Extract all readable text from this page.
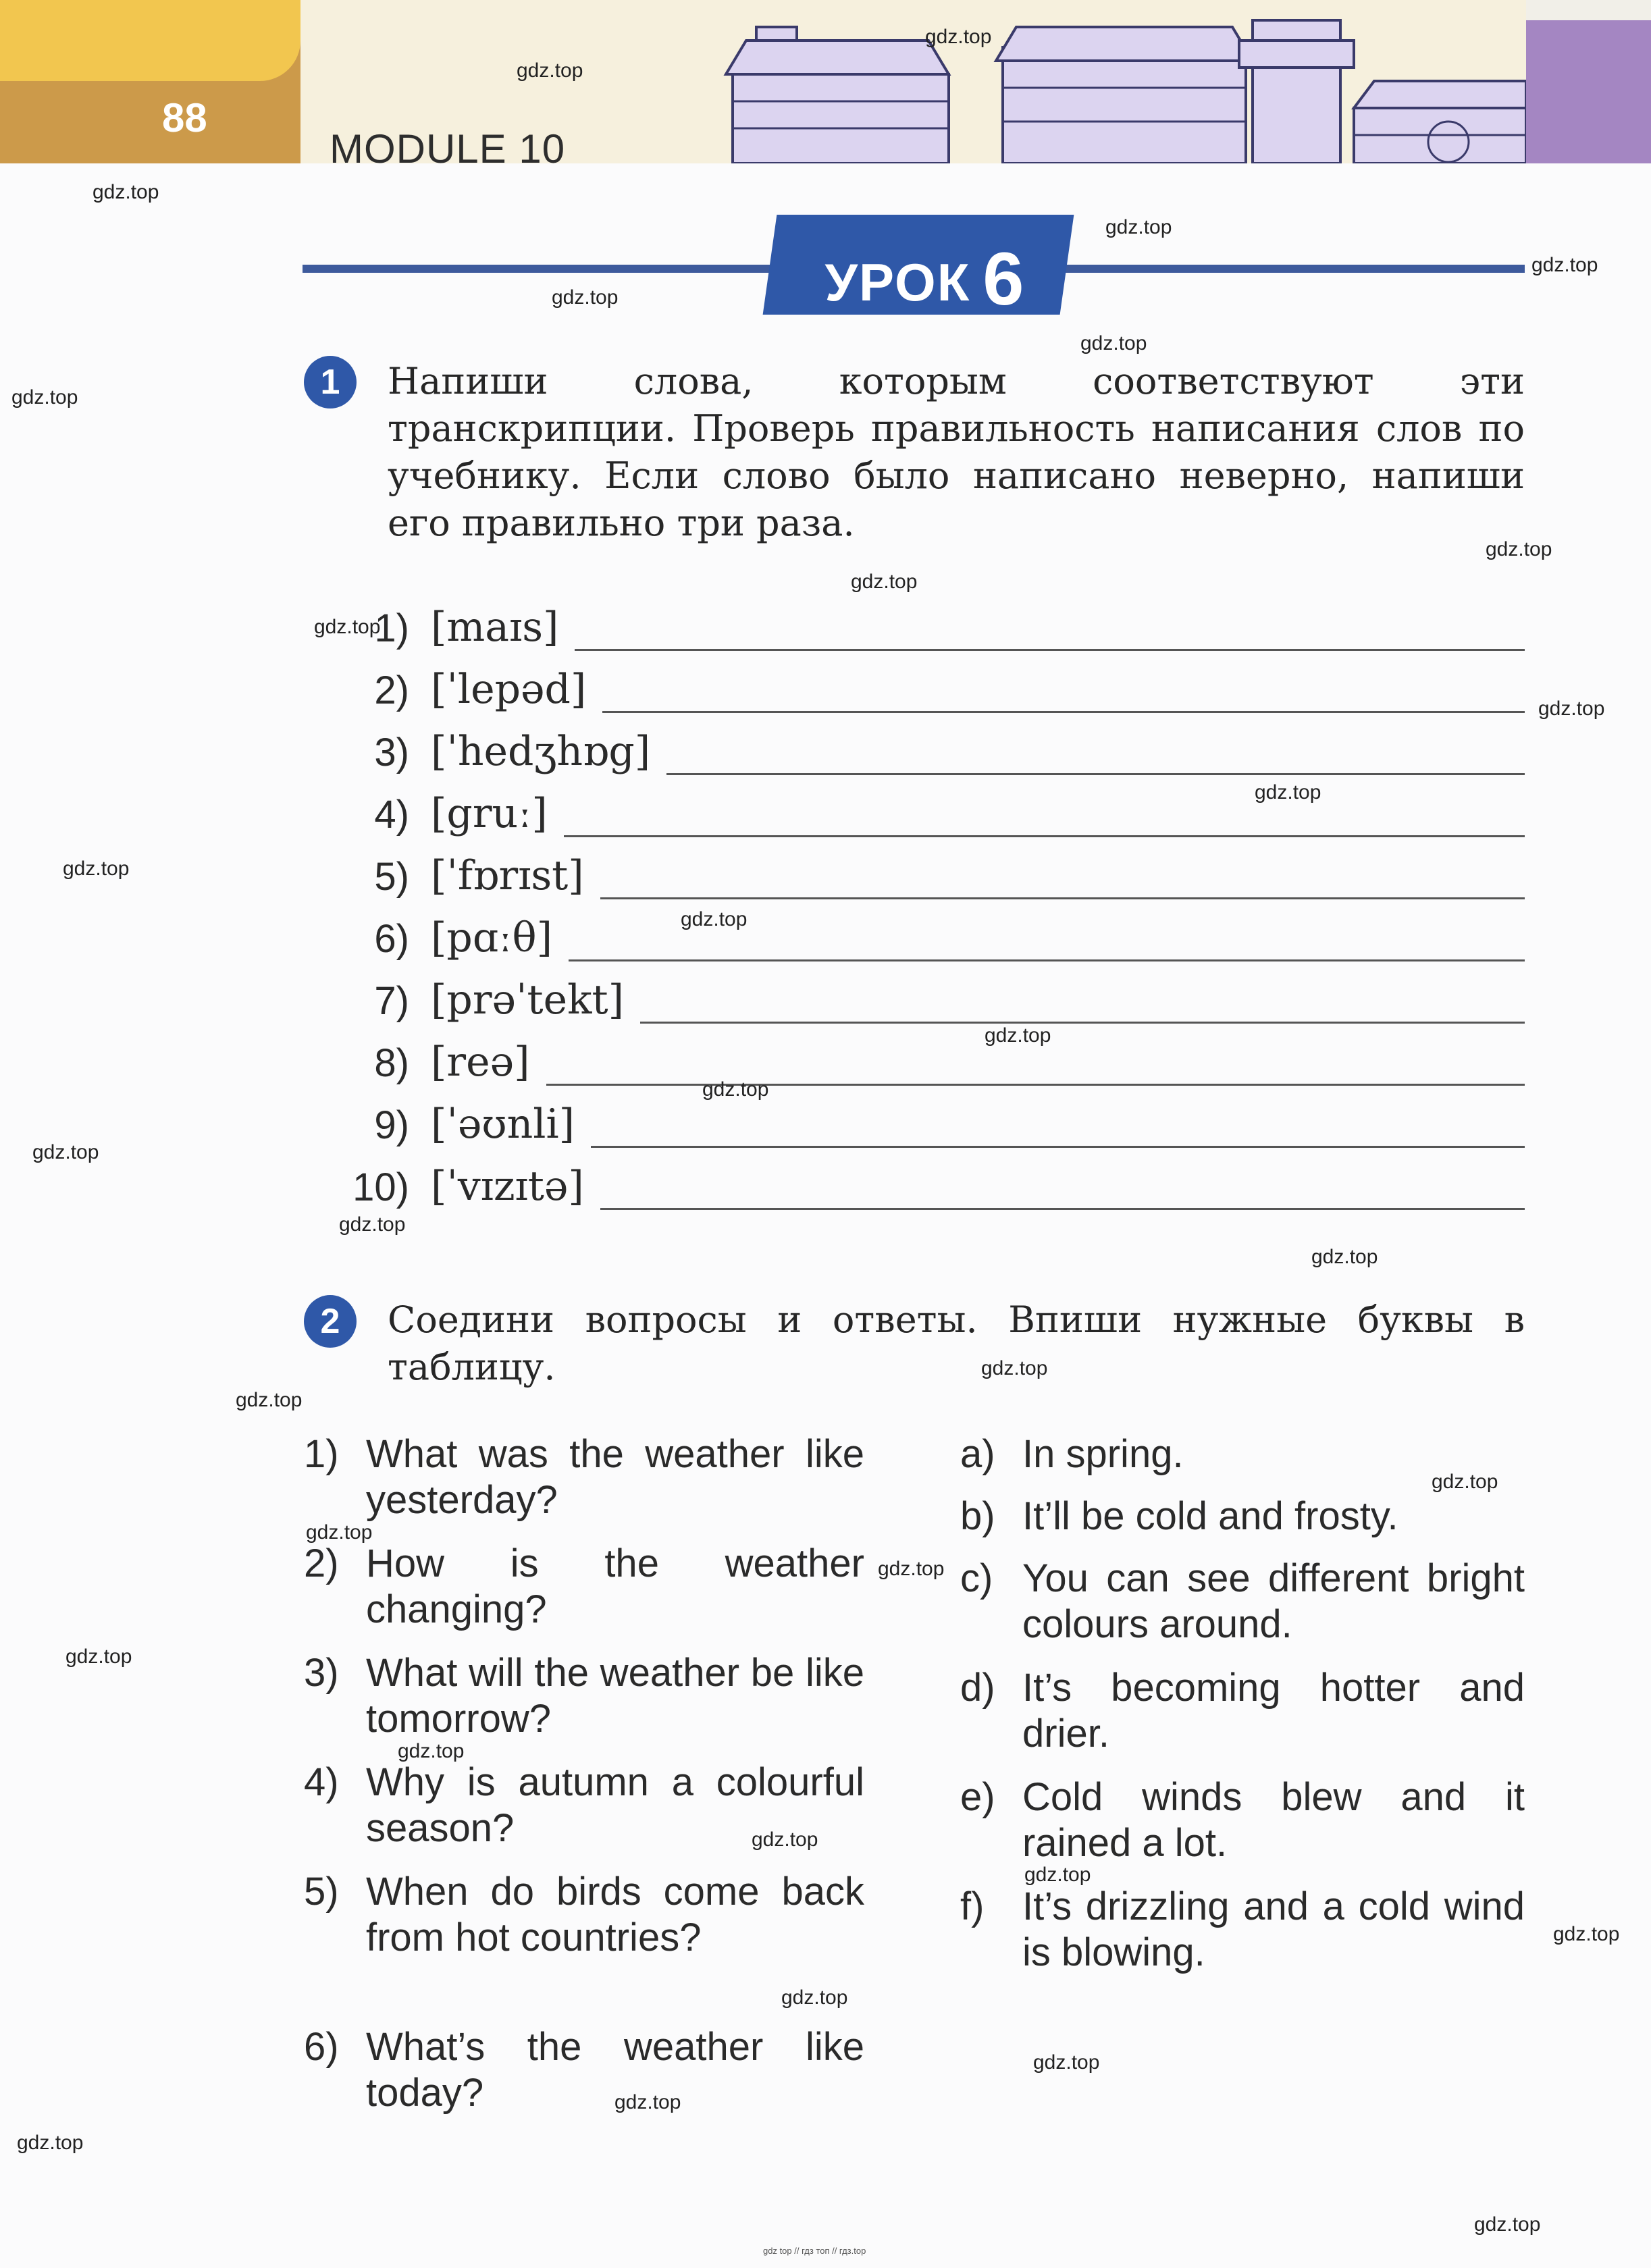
88
MODULE 10
УРОК 6
1	Напиши слова, которым соответствуют эти транскрипции. Проверь правильность написания слов по учебнику. Если слово было написано неверно, напиши его правильно три раза.
1) [maɪs]
2) [ˈlepəd]
3) [ˈhedʒhɒg]
4) [gruː]
5) [ˈfɒrɪst]
6) [pɑːθ]
7) [prəˈtekt]
8) [reə]
9) [ˈəʊnli]
10) [ˈvɪzɪtə]
2	Соедини вопросы и ответы. Впиши нужные буквы в таблицу.
1) What was the weather like yesterday?
2) How is the weather changing?
3) What will the weather be like tomorrow?
4) Why is autumn a colourful season?
5) When do birds come back from hot countries?
6) What’s the weather like today?
a) In spring.
b) It’ll be cold and frosty.
c) You can see different bright colours around.
d) It’s becoming hotter and drier.
e) Cold winds blew and it rained a lot.
f) It’s drizzling and a cold wind is blowing.
gdz.top
gdz.top
gdz.top
gdz.top
gdz.top
gdz.top
gdz.top
gdz.top
gdz.top
gdz.top
gdz.top
gdz.top
gdz.top
gdz.top
gdz.top
gdz.top
gdz.top
gdz.top
gdz.top
gdz.top
gdz.top
gdz.top
gdz.top
gdz.top
gdz.top
gdz.top
gdz.top
gdz.top
gdz.top
gdz.top
gdz.top
gdz.top
gdz.top
gdz.top
gdz.top
gdz top // гдз топ // гдз.top
